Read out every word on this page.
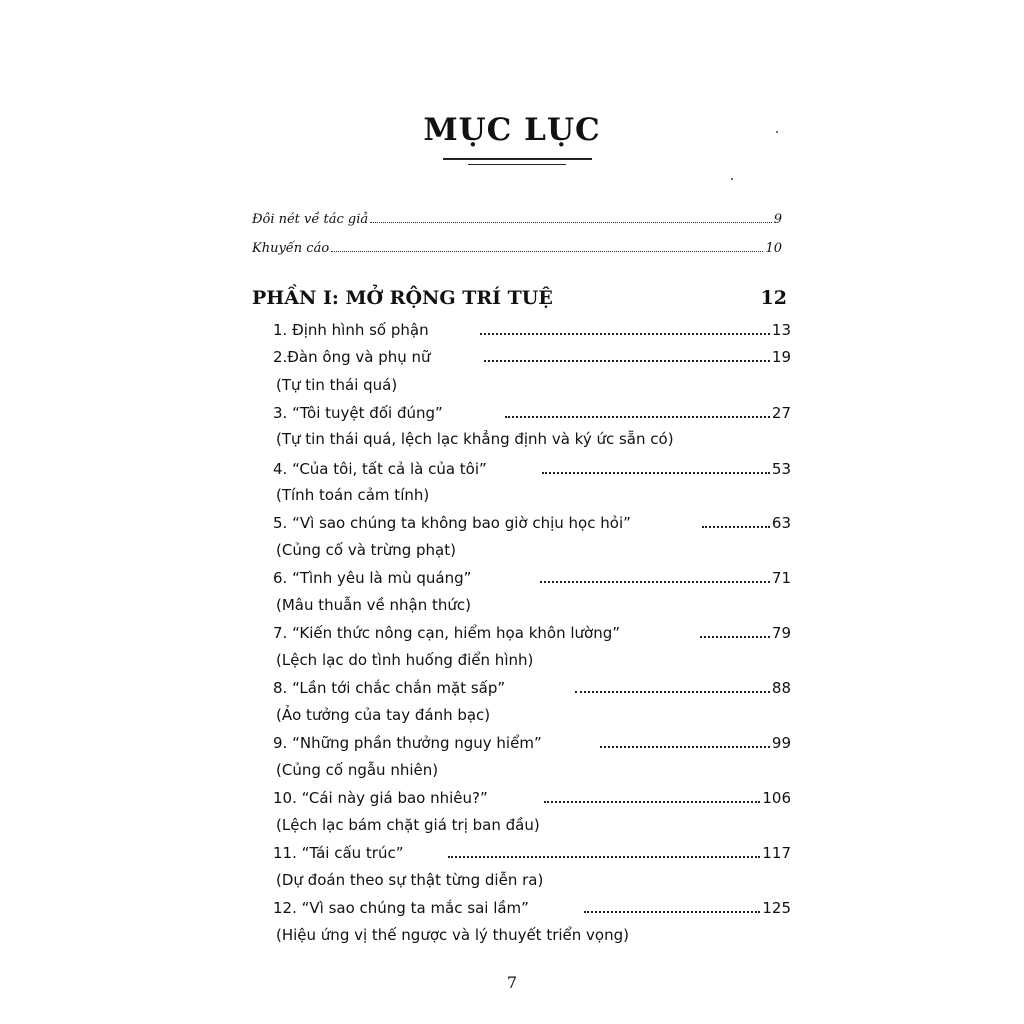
MỤC LỤC
Đôi nét về tác giả	9
Khuyến cáo	10
PHẦN I: MỞ RỘNG TRÍ TUỆ	12
1. Định hình số phận	13
2.Đàn ông và phụ nữ	19
(Tự tin thái quá)
3. “Tôi tuyệt đối đúng”	27
(Tự tin thái quá, lệch lạc khẳng định và ký ức sẵn có)
4. “Của tôi, tất cả là của tôi”	53
(Tính toán cảm tính)
5. “Vì sao chúng ta không bao giờ chịu học hỏi”	63
(Củng cố và trừng phạt)
6. “Tình yêu là mù quáng”	71
(Mâu thuẫn về nhận thức)
7. “Kiến thức nông cạn, hiểm họa khôn lường”	79
(Lệch lạc do tình huống điển hình)
8. “Lần tới chắc chắn mặt sấp”	88
(Ảo tưởng của tay đánh bạc)
9. “Những phần thưởng nguy hiểm”	99
(Củng cố ngẫu nhiên)
10. “Cái này giá bao nhiêu?”	106
(Lệch lạc bám chặt giá trị ban đầu)
11. “Tái cấu trúc”	117
(Dự đoán theo sự thật từng diễn ra)
12. “Vì sao chúng ta mắc sai lầm”	125
(Hiệu ứng vị thế ngược và lý thuyết triển vọng)
7
